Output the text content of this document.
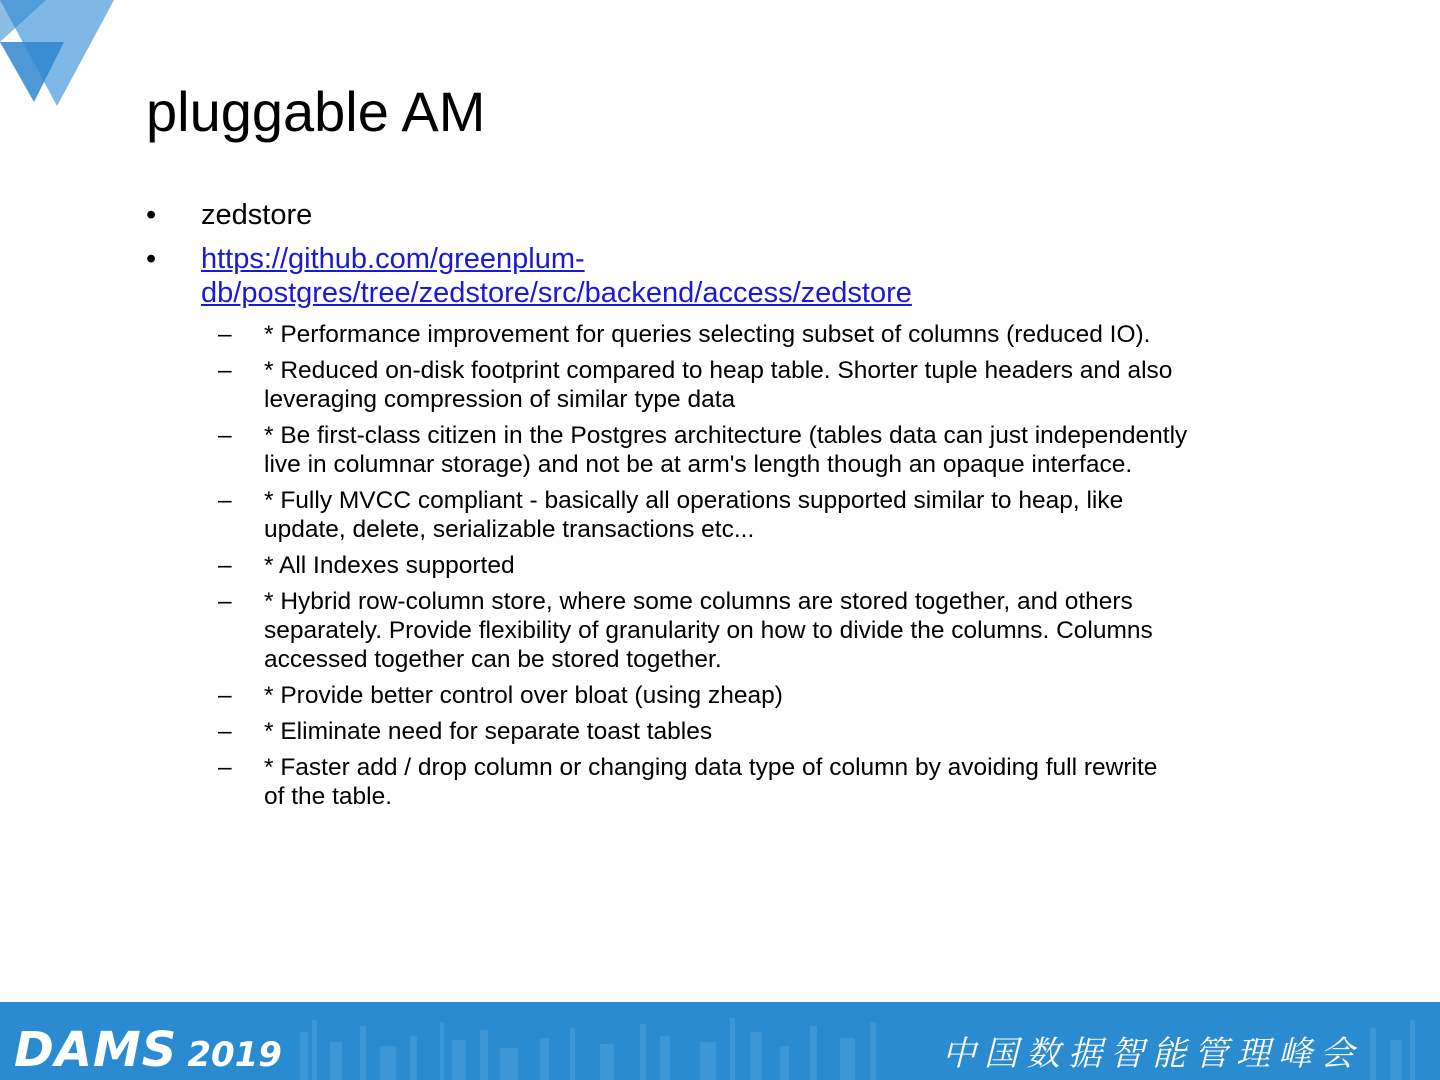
pluggable AM
• zedstore
• https://github.com/greenplum-
db/postgres/tree/zedstore/src/backend/access/zedstore
– * Performance improvement for queries selecting subset of columns (reduced IO).
– * Reduced on-disk footprint compared to heap table. Shorter tuple headers and also
leveraging compression of similar type data
– * Be first-class citizen in the Postgres architecture (tables data can just independently
live in columnar storage) and not be at arm's length though an opaque interface.
– * Fully MVCC compliant - basically all operations supported similar to heap, like
update, delete, serializable transactions etc...
– * All Indexes supported
– * Hybrid row-column store, where some columns are stored together, and others
separately. Provide flexibility of granularity on how to divide the columns. Columns
accessed together can be stored together.
– * Provide better control over bloat (using zheap)
– * Eliminate need for separate toast tables
– * Faster add / drop column or changing data type of column by avoiding full rewrite
of the table.
DAMS 2019	中国数据智能管理峰会
